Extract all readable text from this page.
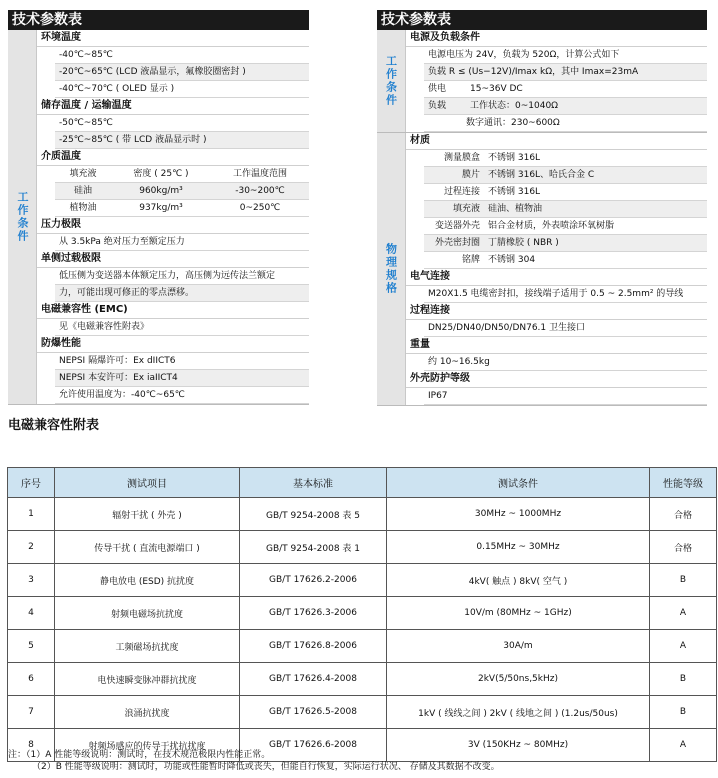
技术参数表
工作条件
环境温度
-40℃~85℃
-20℃~65℃ (LCD 液晶显示，氟橡胶圈密封 )
-40℃~70℃ ( OLED 显示 )
储存温度 / 运输温度
-50℃~85℃
-25℃~85℃ ( 带 LCD 液晶显示时 )
介质温度
填充液	密度 ( 25℃ )	工作温度范围
硅油	960kg/m³	-30~200℃
植物油	937kg/m³	0~250℃
压力极限
从 3.5kPa 绝对压力至额定压力
单侧过载极限
低压侧为变送器本体额定压力，高压侧为远传法兰额定
力，可能出现可修正的零点漂移。
电磁兼容性 (EMC)
见《电磁兼容性附表》
防爆性能
NEPSI 隔爆许可：Ex dIICT6
NEPSI 本安许可：Ex iaIICT4
允许使用温度为：-40℃~65℃
技术参数表
工作条件
电源及负载条件
电源电压为 24V，负载为 520Ω，计算公式如下
负载 R ≤ (Us−12V)/Imax kΩ，其中 Imax=23mA
供电	15~36V DC
负载	工作状态：0~1040Ω
数字通讯：230~600Ω
物理规格
材质
测量膜盒 不锈钢 316L
膜片 不锈钢 316L、哈氏合金 C
过程连接 不锈钢 316L
填充液 硅油、植物油
变送器外壳 铝合金材质，外表喷涂环氧树脂
外壳密封圈 丁腈橡胶 ( NBR )
铭牌 不锈钢 304
电气连接
M20X1.5 电缆密封扣，接线端子适用于 0.5 ~ 2.5mm² 的导线
过程连接
DN25/DN40/DN50/DN76.1 卫生接口
重量
约 10~16.5kg
外壳防护等级
IP67
电磁兼容性附表
序号	测试项目	基本标准	测试条件	性能等级
1	辐射干扰 ( 外壳 )	GB/T 9254-2008 表 5	30MHz ~ 1000MHz	合格
2	传导干扰 ( 直流电源端口 )	GB/T 9254-2008 表 1	0.15MHz ~ 30MHz	合格
3	静电放电 (ESD) 抗扰度	GB/T 17626.2-2006	4kV( 触点 ) 8kV( 空气 )	B
4	射频电磁场抗扰度	GB/T 17626.3-2006	10V/m (80MHz ~ 1GHz)	A
5	工频磁场抗扰度	GB/T 17626.8-2006	30A/m	A
6	电快速瞬变脉冲群抗扰度	GB/T 17626.4-2008	2kV(5/50ns,5kHz)	B
7	浪涌抗扰度	GB/T 17626.5-2008	1kV ( 线线之间 ) 2kV ( 线地之间 ) (1.2us/50us)	B
8	射频场感应的传导干扰抗扰度	GB/T 17626.6-2008	3V (150KHz ~ 80MHz)	A
注：（1）A 性能等级说明：测试时，在技术规范极限内性能正常。
（2）B 性能等级说明：测试时，功能或性能暂时降低或丧失，但能自行恢复，实际运行状况、 存储及其数据不改变。
